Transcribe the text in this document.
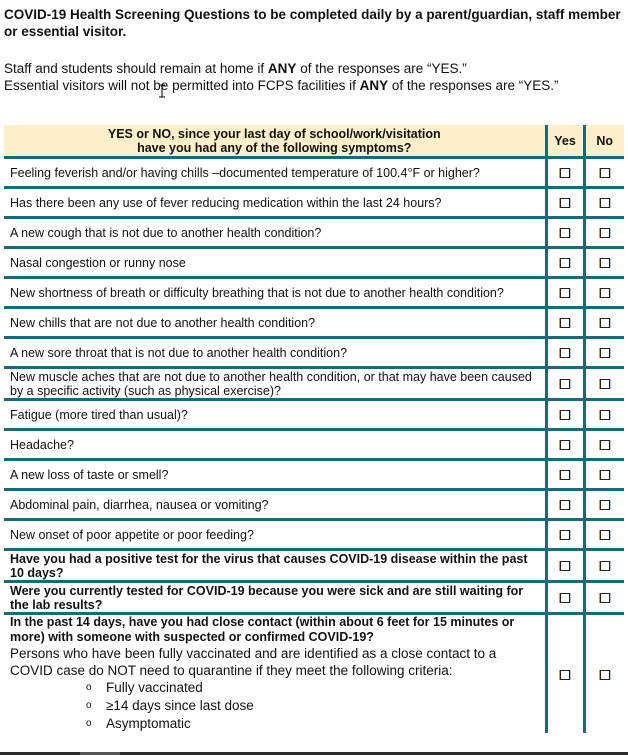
COVID-19 Health Screening Questions to be completed daily by a parent/guardian, staff member or essential visitor.
Staff and students should remain at home if ANY of the responses are “YES.”
Essential visitors will not be permitted into FCPS facilities if ANY of the responses are “YES.”
YES or NO, since your last day of school/work/visitation
have you had any of the following symptoms?	Yes	No
Feeling feverish and/or having chills –documented temperature of 100.4°F or higher?		
Has there been any use of fever reducing medication within the last 24 hours?		
A new cough that is not due to another health condition?		
Nasal congestion or runny nose		
New shortness of breath or difficulty breathing that is not due to another health condition?		
New chills that are not due to another health condition?		
A new sore throat that is not due to another health condition?		
New muscle aches that are not due to another health condition, or that may have been caused by a specific activity (such as physical exercise)?		
Fatigue (more tired than usual)?		
Headache?		
A new loss of taste or smell?		
Abdominal pain, diarrhea, nausea or vomiting?		
New onset of poor appetite or poor feeding?		
Have you had a positive test for the virus that causes COVID-19 disease within the past 10 days?		
Were you currently tested for COVID-19 because you were sick and are still waiting for the lab results?		

In the past 14 days, have you had close contact (within about 6 feet for 15 minutes or more) with someone with suspected or confirmed COVID-19?
Persons who have been fully vaccinated and are identified as a close contact to a COVID case do NOT need to quarantine if they meet the following criteria:
o Fully vaccinated
o ≥14 days since last dose
o Asymptomatic
